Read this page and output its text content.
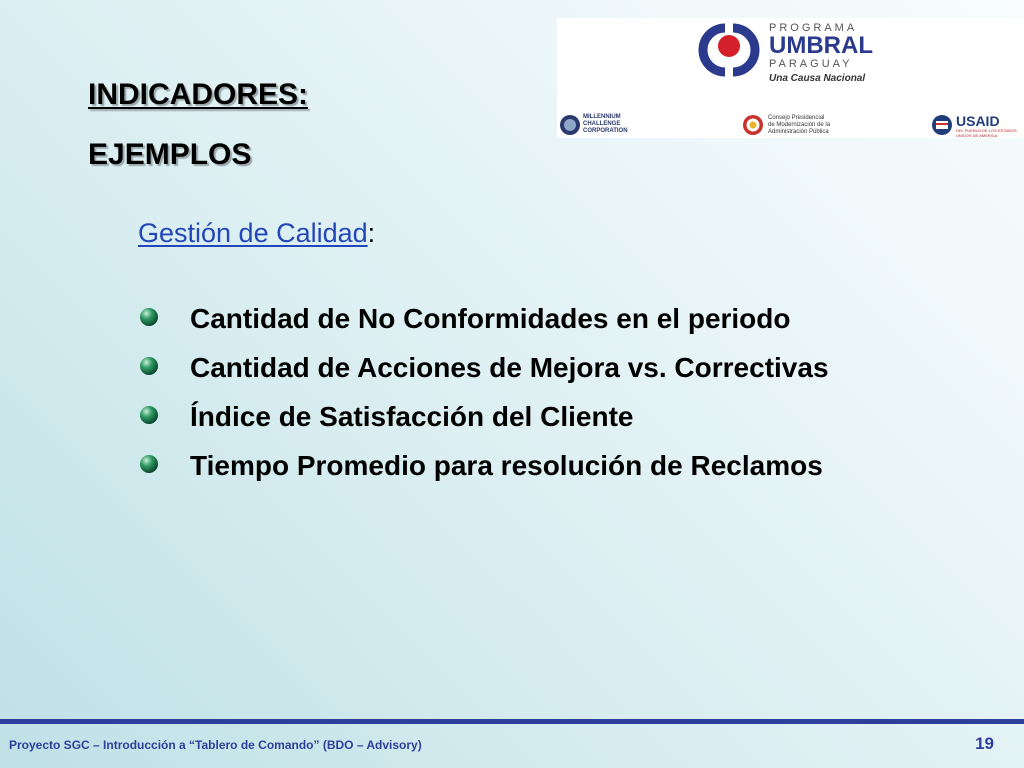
INDICADORES:
EJEMPLOS
PROGRAMA
UMBRAL
PARAGUAY
Una Causa Nacional
MILLENNIUM
CHALLENGE
CORPORATION
Consejo Presidencial
de Modernización de la
Administración Pública
USAID
DEL PUEBLO DE LOS ESTADOS
UNIDOS DE AMERICA
Gestión de Calidad:
Cantidad de No Conformidades en el periodo
Cantidad de Acciones de Mejora vs. Correctivas
Índice de Satisfacción del Cliente
Tiempo Promedio para resolución de Reclamos
Proyecto SGC – Introducción a “Tablero de Comando” (BDO – Advisory)	19
